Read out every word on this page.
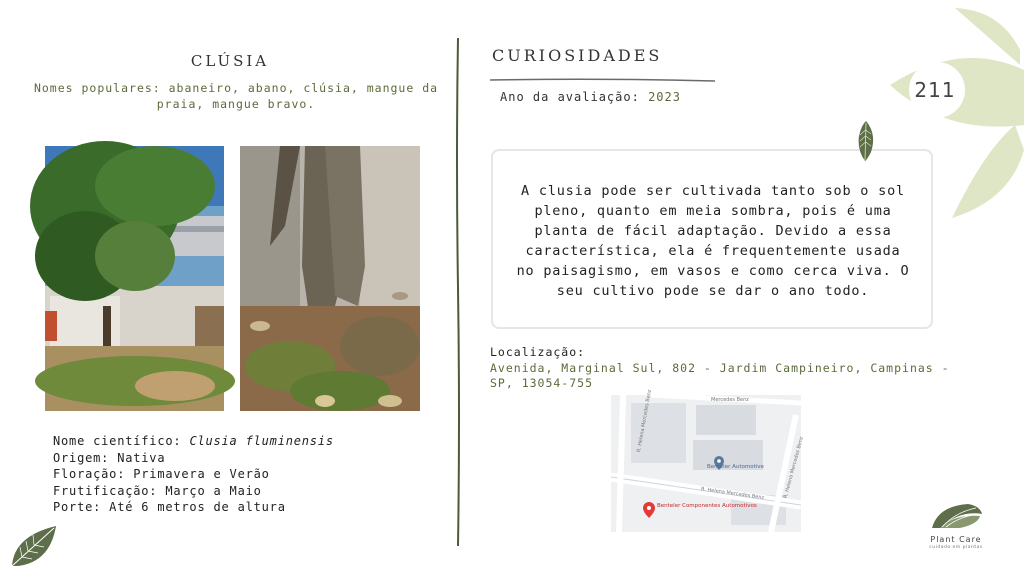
CLÚSIA
Nomes populares: abaneiro, abano, clúsia, mangue da praia, mangue bravo.
Nome científico: Clusia fluminensis
Origem: Nativa
Floração: Primavera e Verão
Frutificação: Março a Maio
Porte: Até 6 metros de altura
CURIOSIDADES
Ano da avaliação: 2023
A clusia pode ser cultivada tanto sob o sol pleno, quanto em meia sombra, pois é uma planta de fácil adaptação. Devido a essa característica, ela é frequentemente usada no paisagismo, em vasos e como cerca viva. O seu cultivo pode se dar o ano todo.
Localização:
Avenida, Marginal Sul, 802 - Jardim Campineiro, Campinas - SP, 13054-755
Mercedes Benz
R. Helena Mercedes Benz
R. Helena Mercedes Benz	R. Helena Mercedes Benz
Benteler Automotive
Benteler Componentes Automotivos
211
Plant Care
cuidado em plantas
